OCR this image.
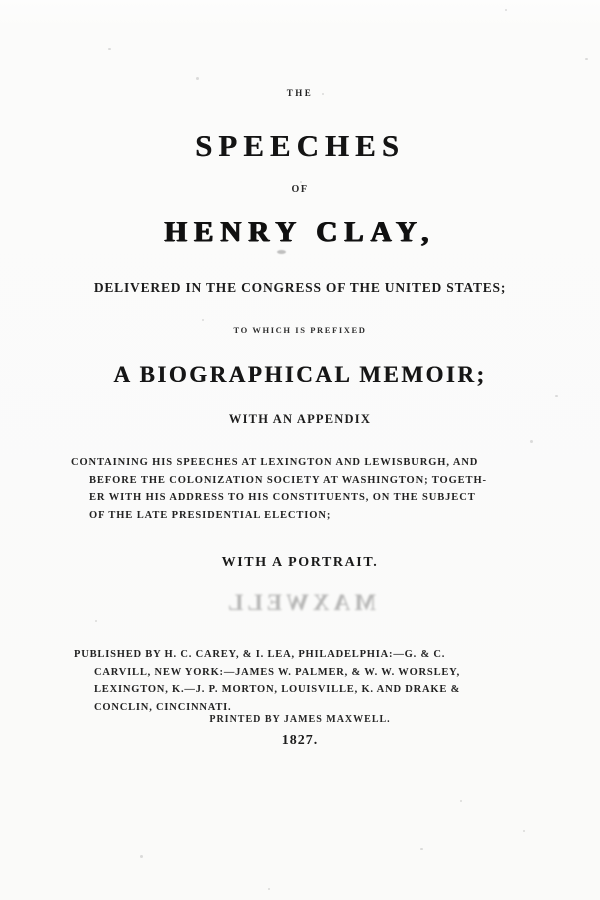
THE
SPEECHES
OF
HENRY CLAY,
DELIVERED IN THE CONGRESS OF THE UNITED STATES;
TO WHICH IS PREFIXED
A BIOGRAPHICAL MEMOIR;
WITH AN APPENDIX
CONTAINING HIS SPEECHES AT LEXINGTON AND LEWISBURGH, AND
BEFORE THE COLONIZATION SOCIETY AT WASHINGTON; TOGETH-
ER WITH HIS ADDRESS TO HIS CONSTITUENTS, ON THE SUBJECT
OF THE LATE PRESIDENTIAL ELECTION;
WITH A PORTRAIT.
MAXWELL
PUBLISHED BY H. C. CAREY, & I. LEA, PHILADELPHIA:—G. & C.
CARVILL, NEW YORK:—JAMES W. PALMER, & W. W. WORSLEY,
LEXINGTON, K.—J. P. MORTON, LOUISVILLE, K. AND DRAKE &
CONCLIN, CINCINNATI.
PRINTED BY JAMES MAXWELL.
1827.
